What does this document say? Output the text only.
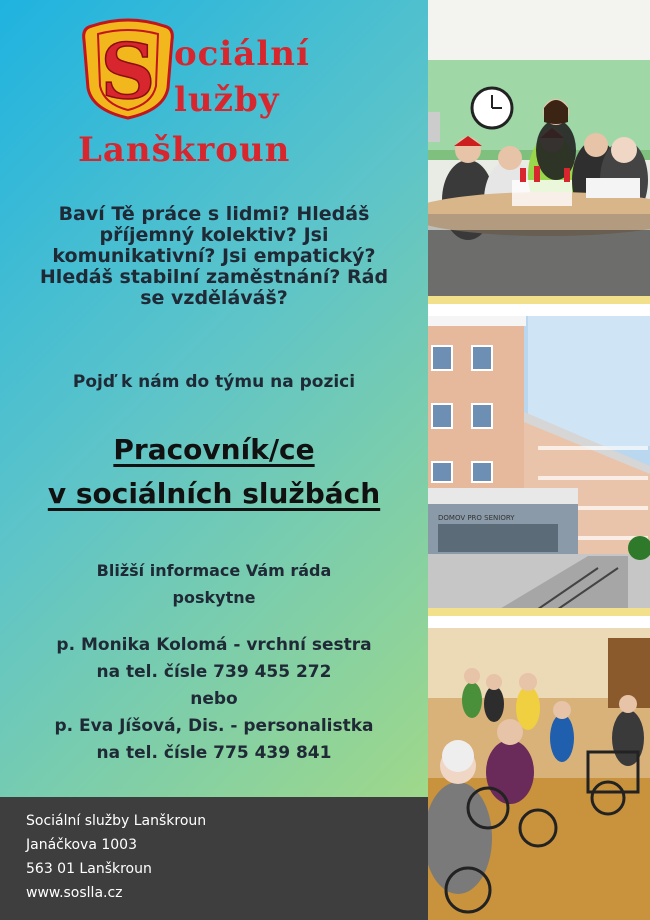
S ociální
lužby
Lanškroun
Baví Tě práce s lidmi? Hledáš
příjemný kolektiv? Jsi
komunikativní? Jsi empatický?
Hledáš stabilní zaměstnání? Rád
se vzděláváš?
Pojď k nám do týmu na pozici
Pracovník/ce
v sociálních službách
Bližší informace Vám ráda
poskytne
p. Monika Kolomá - vrchní sestra
na tel. čísle 739 455 272
nebo
p. Eva Jíšová, Dis. - personalistka
na tel. čísle 775 439 841
Sociální služby Lanškroun
Janáčkova 1003
563 01 Lanškroun
www.soslla.cz
DOMOV PRO SENIORY
